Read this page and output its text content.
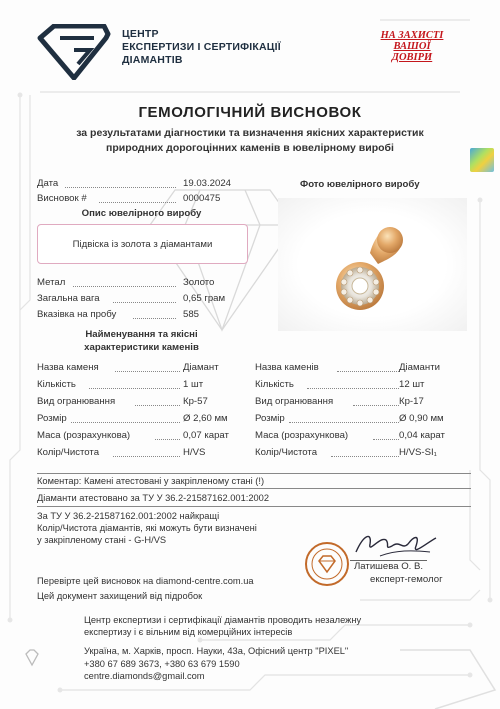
ЦЕНТР
ЕКСПЕРТИЗИ І СЕРТИФІКАЦІЇ
ДІАМАНТІВ
НА ЗАХИСТІ
ВАШОЇ
ДОВІРИ
ГЕМОЛОГІЧНИЙ ВИСНОВОК
за результатами діагностики та визначення якісних характеристик
природних дорогоцінних каменів в ювелірному виробі
Дата	19.03.2024
Висновок #	0000475
Опис ювелірного виробу
Підвіска із золота з діамантами
Метал	Золото
Загальна вага	0,65 грам
Вказівка на пробу	585
Фото ювелірного виробу
Найменування та якісні
характеристики каменів
Назва каменя	Діамант
Кількість	1 шт
Вид огранювання	Кр-57
Розмір	Ø 2,60 мм
Маса (розрахункова)	0,07 карат
Колір/Чистота	H/VS
Назва каменів	Діаманти
Кількість	12 шт
Вид огранювання	Кр-17
Розмір	Ø 0,90 мм
Маса (розрахункова)	0,04 карат
Колір/Чистота	H/VS-SI₁
Коментар: Камені атестовані у закріпленому стані (!)
Діаманти атестовано за ТУ У 36.2-21587162.001:2002
За ТУ У 36.2-21587162.001:2002 найкращі
Колір/Чистота діамантів, які можуть бути визначені
у закріпленому стані - G-H/VS
Латишева О. В.
експерт-гемолог
Перевірте цей висновок на diamond-centre.com.ua
Цей документ захищений від підробок
Центр експертизи і сертифікації діамантів проводить незалежну
експертизу і є вільним від комерційних інтересів
Україна, м. Харків, просп. Науки, 43а, Офісний центр "PIXEL"
+380 67 689 3673, +380 63 679 1590
centre.diamonds@gmail.com
